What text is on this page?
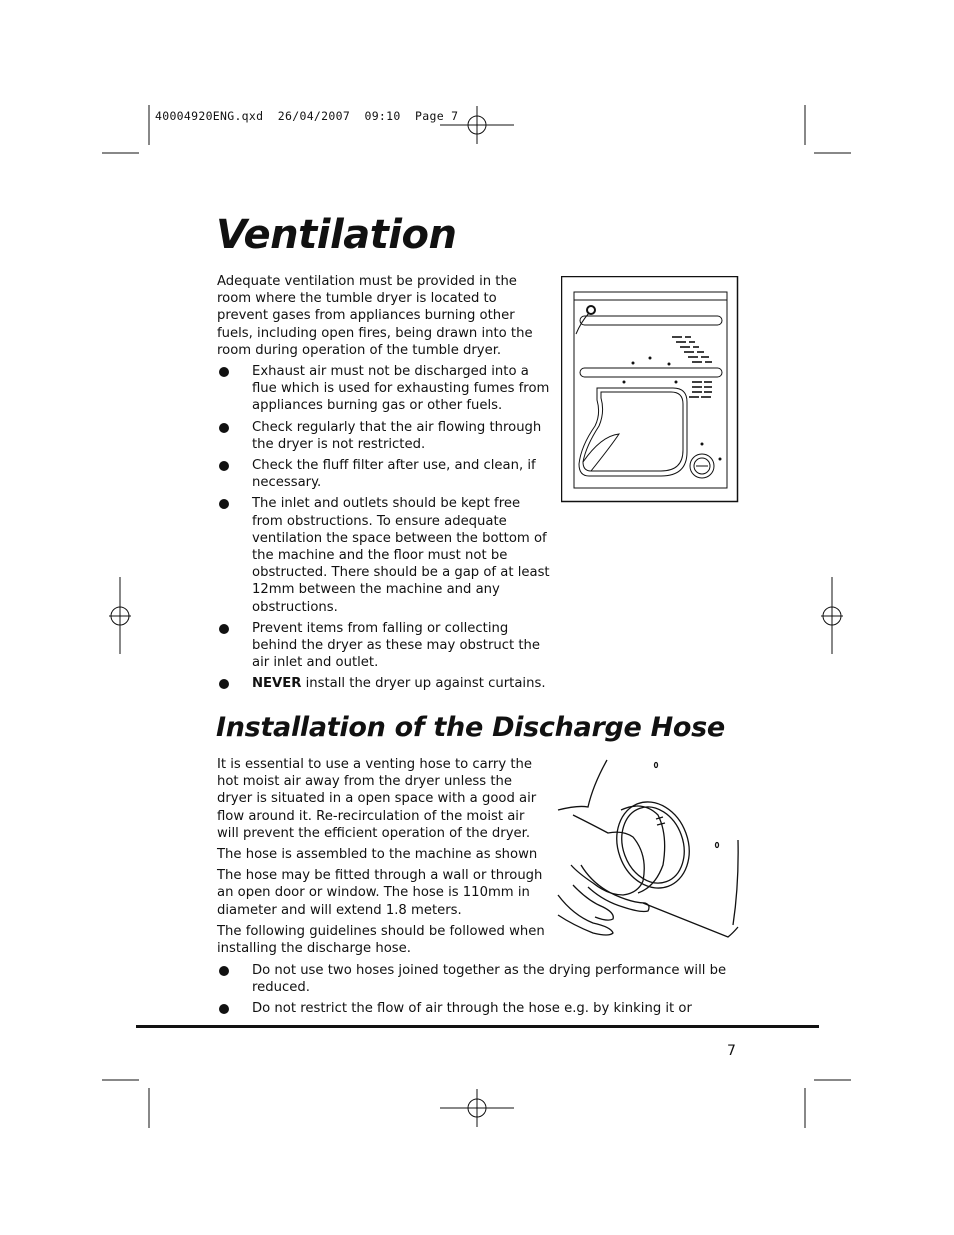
40004920ENG.qxd  26/04/2007  09:10  Page 7
Ventilation

Adequate ventilation must be provided in the room where the tumble dryer is located to prevent gases from appliances burning other fuels, including open fires, being drawn into the room during operation of the tumble dryer.

Exhaust air must not be discharged into a flue which is used for exhausting fumes from appliances burning gas or other fuels.
Check regularly that the air flowing through the dryer is not restricted.
Check the fluff filter after use, and clean, if necessary.
The inlet and outlets should be kept free from obstructions. To ensure adequate ventilation the space between the bottom of the machine and the floor must not be obstructed. There should be a gap of at least 12mm between the machine and any obstructions.
Prevent items from falling or collecting behind the dryer as these may obstruct the air inlet and outlet.
NEVER install the dryer up against curtains.
Installation of the Discharge Hose

It is essential to use a venting hose to carry the hot moist air away from the dryer unless the dryer is situated in a open space with a good air flow around it. Re-recirculation of the moist air will prevent the efficient operation of the dryer.

The hose is assembled to the machine as shown

The hose may be fitted through a wall or through an open door or window. The hose is 110mm in diameter and will extend 1.8 meters.

The following guidelines should be followed when installing the discharge hose.

Do not use two hoses joined together as the drying performance will be reduced.
Do not restrict the flow of air through the hose e.g. by kinking it or
7
